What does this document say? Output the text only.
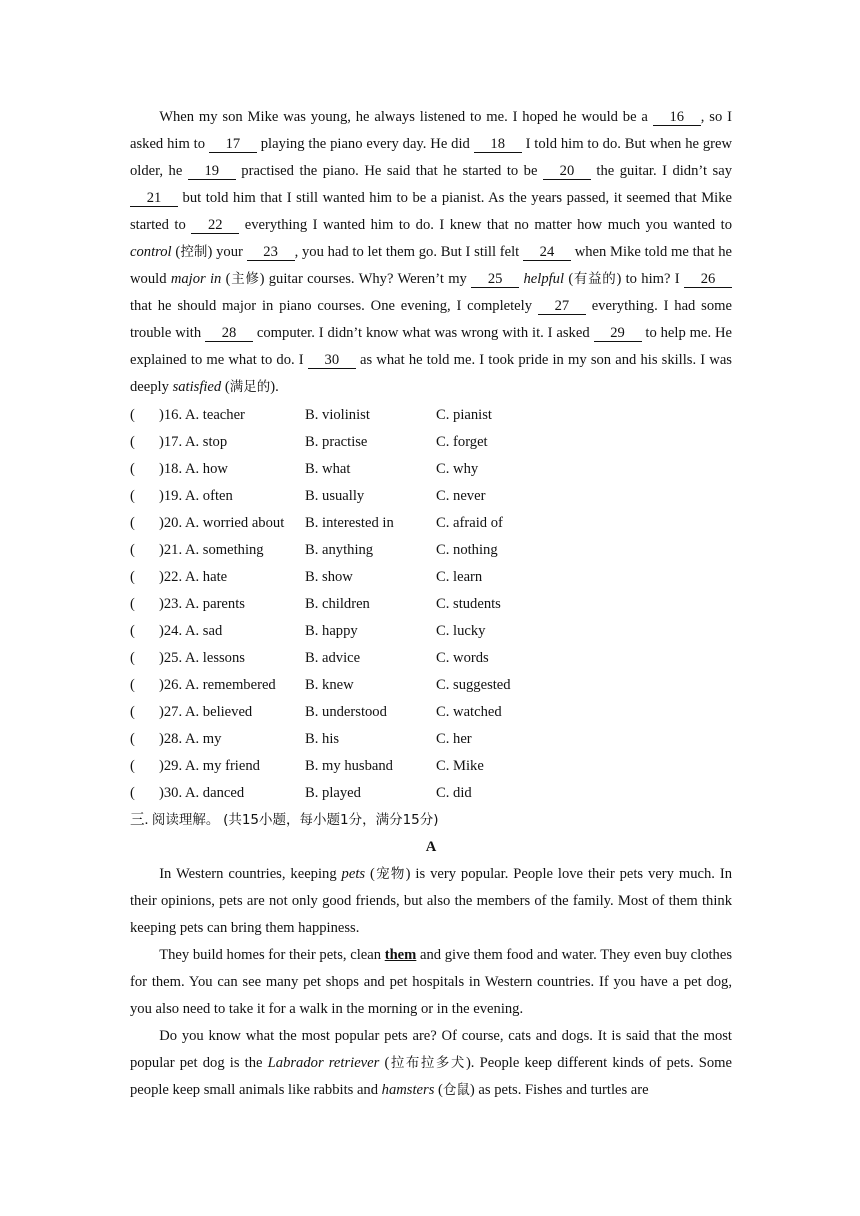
When my son Mike was young, he always listened to me. I hoped he would be a 16 , so I asked him to 17 playing the piano every day. He did 18 I told him to do. But when he grew older, he 19 practised the piano. He said that he started to be 20 the guitar. I didn’t say 21 but told him that I still wanted him to be a pianist. As the years passed, it seemed that Mike started to 22 everything I wanted him to do. I knew that no matter how much you wanted to control (控制) your 23 , you had to let them go. But I still felt 24 when Mike told me that he would major in (主修) guitar courses. Why? Weren’t my 25 helpful (有益的) to him? I 26 that he should major in piano courses. One evening, I completely 27 everything. I had some trouble with 28 computer. I didn’t know what was wrong with it. I asked 29 to help me. He explained to me what to do. I 30 as what he told me. I took pride in my son and his skills. I was deeply satisfied (满足的).

( )16. A. teacher	B. violinist	C. pianist
( )17. A. stop	B. practise	C. forget
( )18. A. how	B. what	C. why
( )19. A. often	B. usually	C. never
( )20. A. worried about B. interested in	C. afraid of
( )21. A. something	B. anything	C. nothing
( )22. A. hate	B. show	C. learn
( )23. A. parents	B. children	C. students
( )24. A. sad	B. happy	C. lucky
( )25. A. lessons	B. advice	C. words
( )26. A. remembered B. knew	C. suggested
( )27. A. believed	B. understood	C. watched
( )28. A. my	B. his	C. her
( )29. A. my friend	B. my husband	C. Mike
( )30. A. danced	B. played	C. did
三. 阅读理解。 (共15小题，每小题1分，满分15分)
A

In Western countries, keeping pets (宠物) is very popular. People love their pets very much. In their opinions, pets are not only good friends, but also the members of the family. Most of them think keeping pets can bring them happiness.

They build homes for their pets, clean them and give them food and water. They even buy clothes for them. You can see many pet shops and pet hospitals in Western countries. If you have a pet dog, you also need to take it for a walk in the morning or in the evening.

Do you know what the most popular pets are? Of course, cats and dogs. It is said that the most popular pet dog is the Labrador retriever (拉布拉多犬). People keep different kinds of pets. Some people keep small animals like rabbits and hamsters (仓鼠) as pets. Fishes and turtles are
